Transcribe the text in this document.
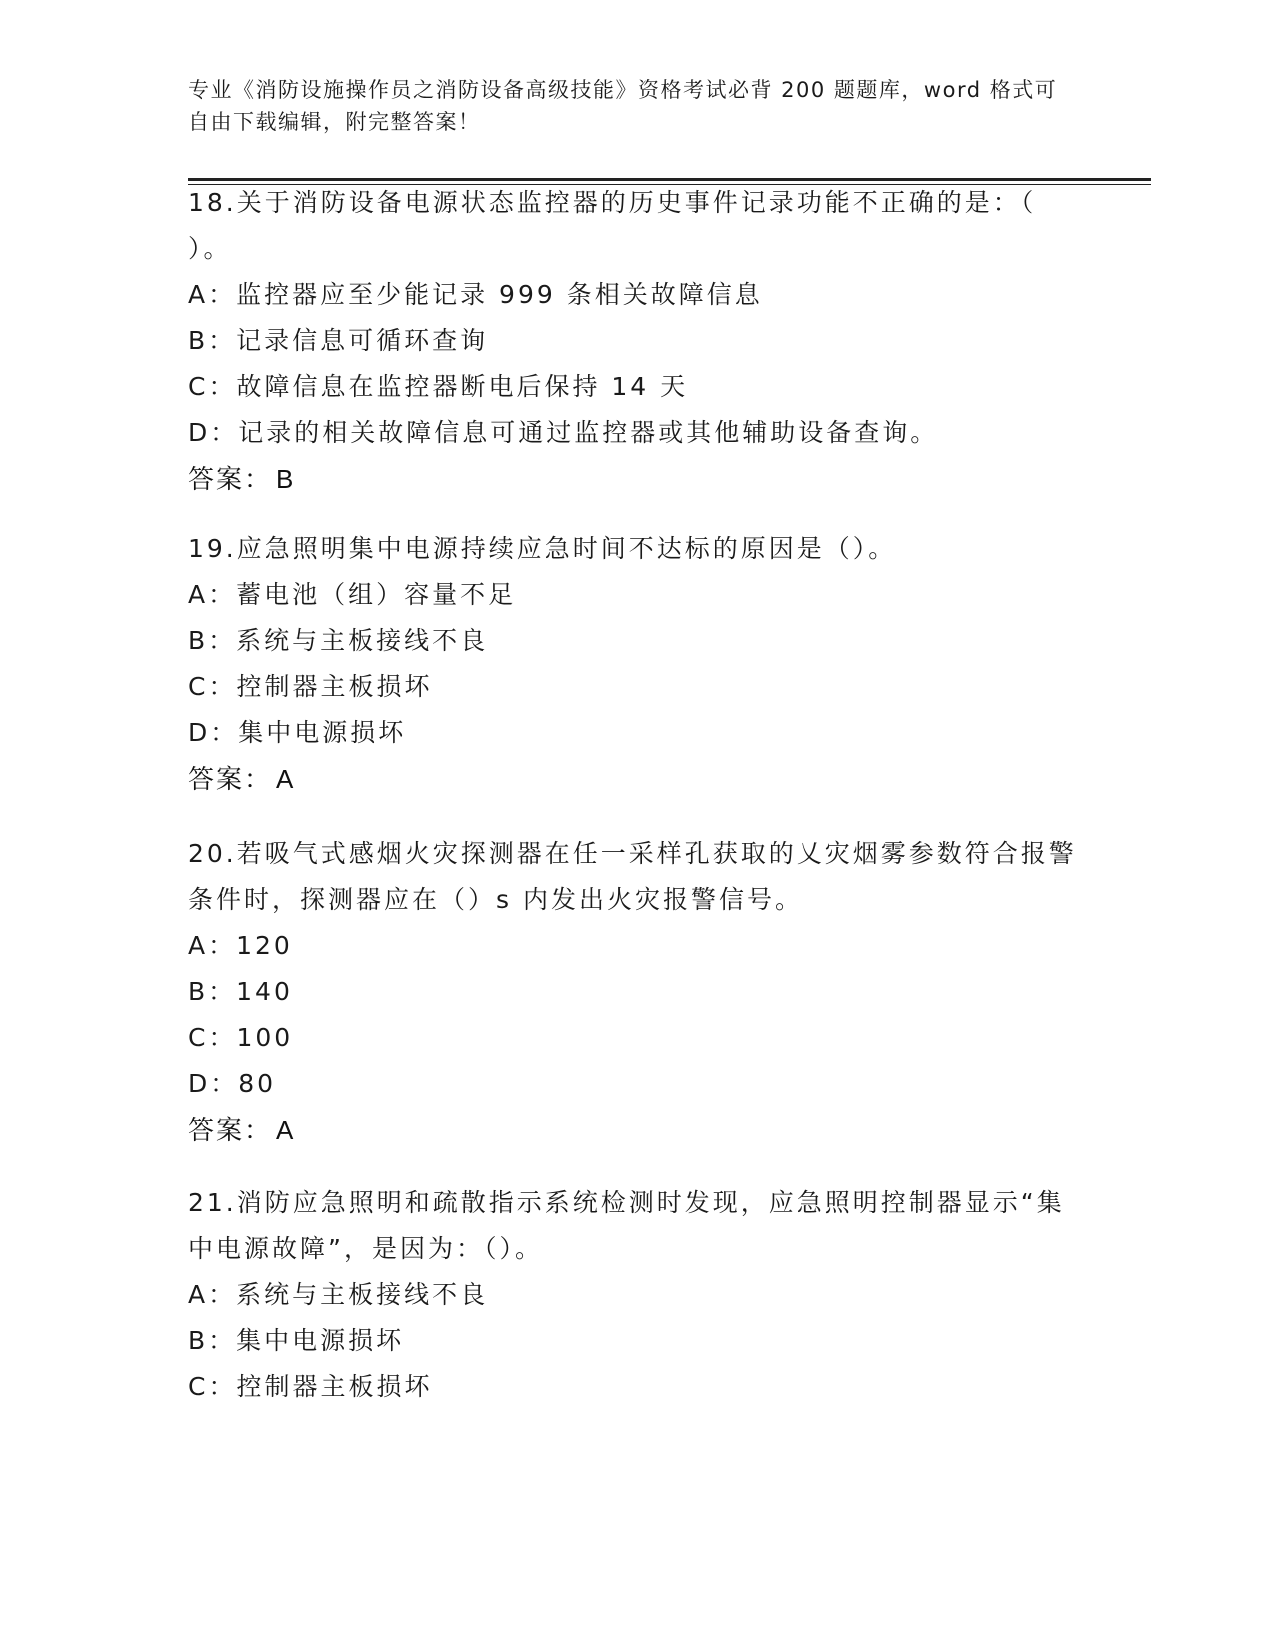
专业《消防设施操作员之消防设备高级技能》资格考试必背 200 题题库，word 格式可自由下载编辑，附完整答案！
18.关于消防设备电源状态监控器的历史事件记录功能不正确的是：（ ）。
A：监控器应至少能记录 999 条相关故障信息
B：记录信息可循环查询
C：故障信息在监控器断电后保持 14 天
D：记录的相关故障信息可通过监控器或其他辅助设备查询。
答案： B
19.应急照明集中电源持续应急时间不达标的原因是（）。
A：蓄电池（组）容量不足
B：系统与主板接线不良
C：控制器主板损坏
D：集中电源损坏
答案： A
20.若吸气式感烟火灾探测器在任一采样孔获取的乂灾烟雾参数符合报警条件时，探测器应在（）s 内发出火灾报警信号。
A：120
B：140
C：100
D：80
答案： A
21.消防应急照明和疏散指示系统检测时发现，应急照明控制器显示“集中电源故障”，是因为：（）。
A：系统与主板接线不良
B：集中电源损坏
C：控制器主板损坏
